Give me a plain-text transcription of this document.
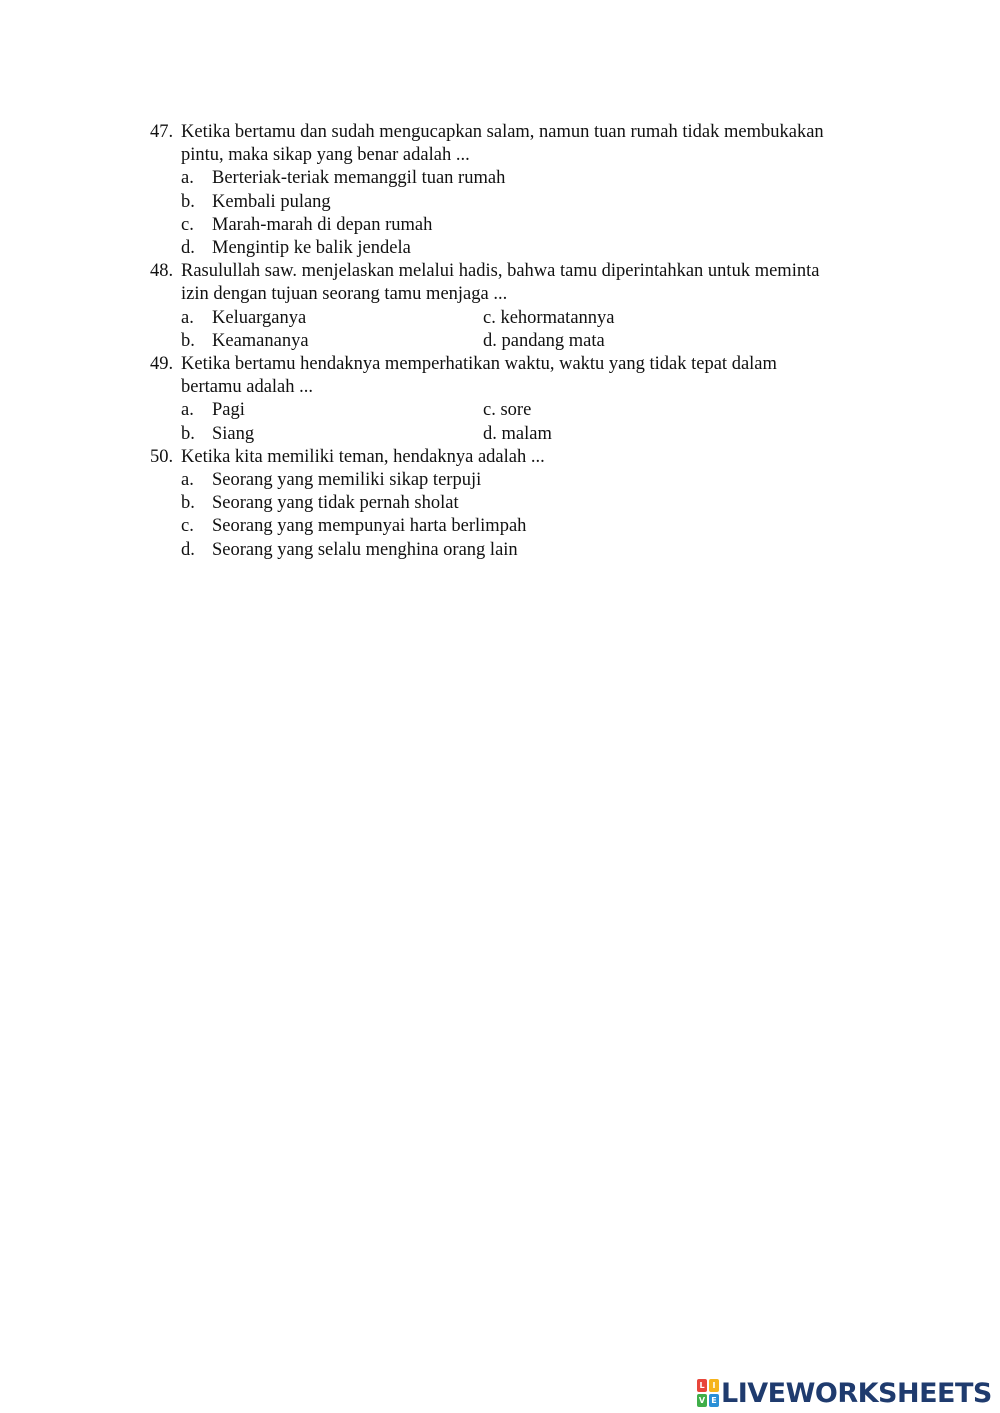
47. Ketika bertamu dan sudah mengucapkan salam, namun tuan rumah tidak membukakan
pintu, maka sikap yang benar adalah ...
a. Berteriak-teriak memanggil tuan rumah
b. Kembali pulang
c. Marah-marah di depan rumah
d. Mengintip ke balik jendela
48. Rasulullah saw. menjelaskan melalui hadis, bahwa tamu diperintahkan untuk meminta
izin dengan tujuan seorang tamu menjaga ...
a. Keluarganya	c. kehormatannya
b. Keamananya	d. pandang mata
49. Ketika bertamu hendaknya memperhatikan waktu, waktu yang tidak tepat dalam
bertamu adalah ...
a. Pagi	c. sore
b. Siang	d. malam
50. Ketika kita memiliki teman, hendaknya adalah ...
a. Seorang yang memiliki sikap terpuji
b. Seorang yang tidak pernah sholat
c. Seorang yang mempunyai harta berlimpah
d. Seorang yang selalu menghina orang lain
L I
V E LIVEWORKSHEETS
